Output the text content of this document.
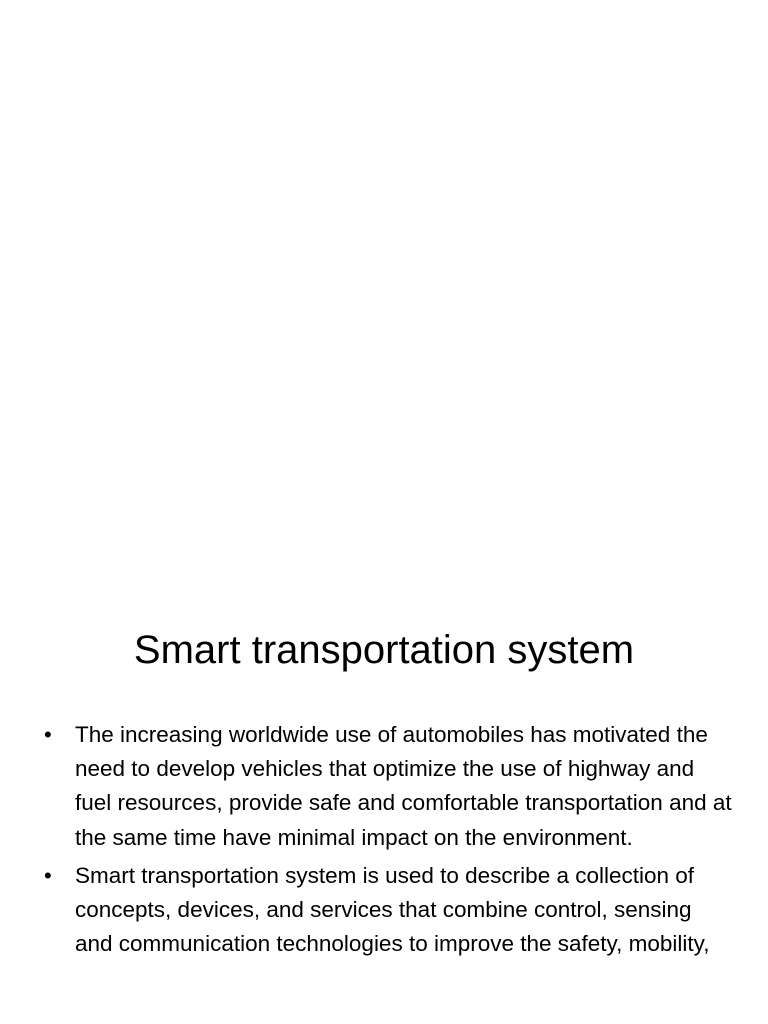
Smart transportation system
• The increasing worldwide use of automobiles has motivated the need to develop vehicles that optimize the use of highway and fuel resources, provide safe and comfortable transportation and at the same time have minimal impact on the environment.
• Smart transportation system is used to describe a collection of concepts, devices, and services that combine control, sensing and communication technologies to improve the safety, mobility,
